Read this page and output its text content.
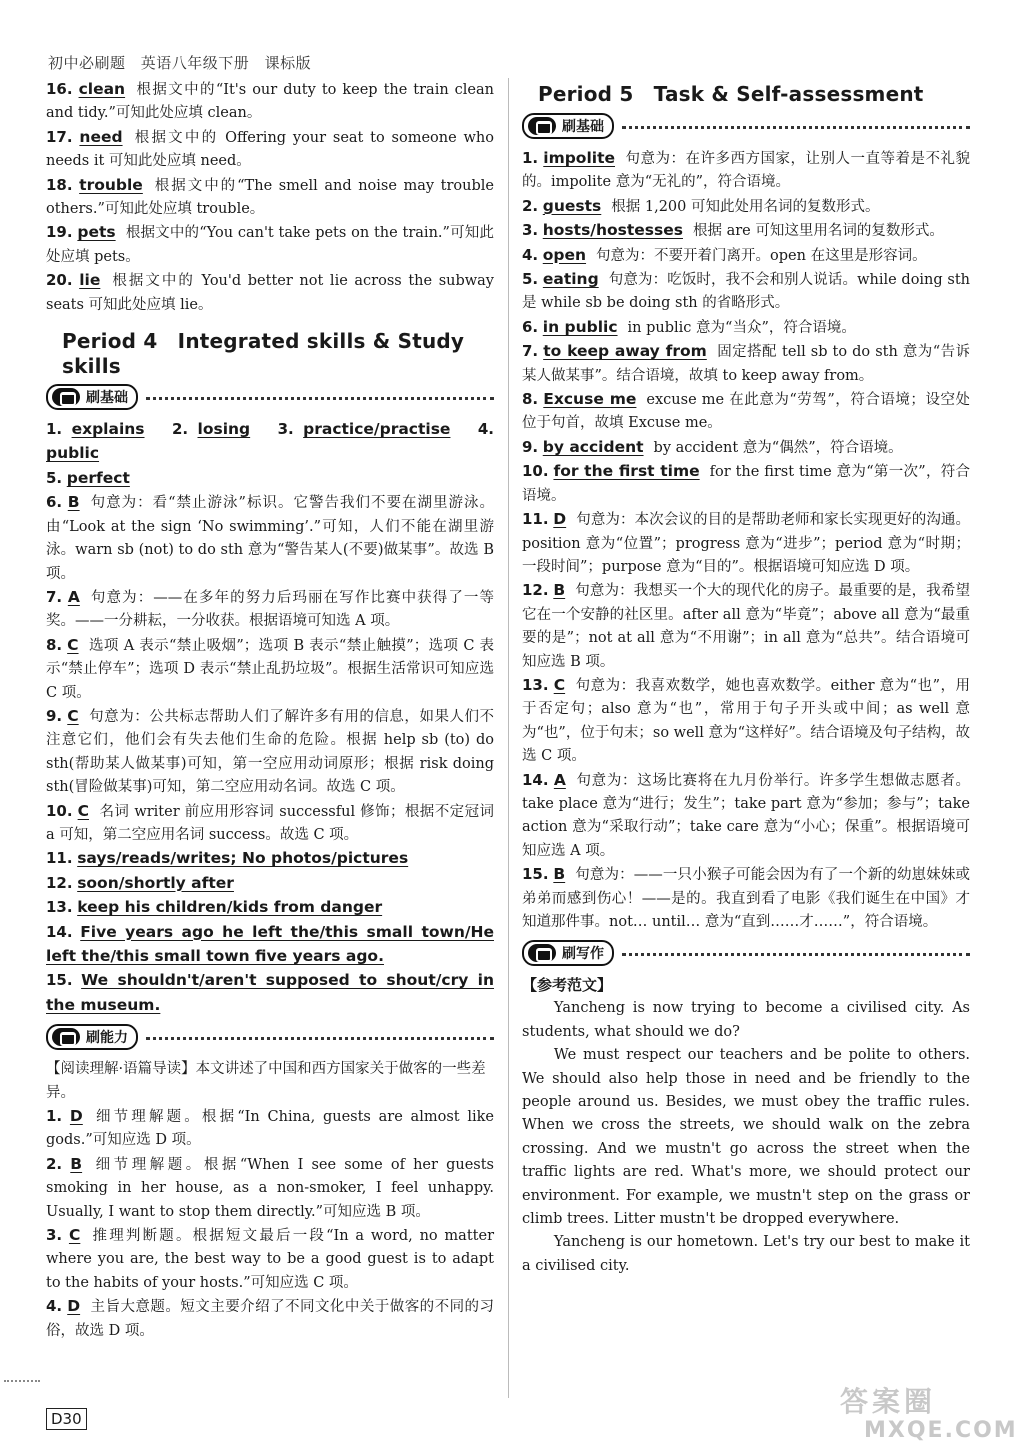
初中必刷题 英语八年级下册 课标版

16. clean 根据文中的“It's our duty to keep the train clean and tidy.”可知此处应填 clean。

17. need 根据文中的 Offering your seat to someone who needs it 可知此处应填 need。

18. trouble 根据文中的“The smell and noise may trouble others.”可知此处应填 trouble。

19. pets 根据文中的“You can't take pets on the train.”可知此处应填 pets。

20. lie 根据文中的 You'd better not lie across the subway seats 可知此处应填 lie。

Period 4　Integrated skills & Study skills
刷基础

1. explains 2. losing 3. practice/practise 4. public

5. perfect

6. B 句意为：看“禁止游泳”标识。它警告我们不要在湖里游泳。由“Look at the sign ‘No swimming’.”可知，人们不能在湖里游泳。warn sb (not) to do sth 意为“警告某人(不要)做某事”。故选 B 项。

7. A 句意为：——在多年的努力后玛丽在写作比赛中获得了一等奖。——一分耕耘，一分收获。根据语境可知选 A 项。

8. C 选项 A 表示“禁止吸烟”；选项 B 表示“禁止触摸”；选项 C 表示“禁止停车”；选项 D 表示“禁止乱扔垃圾”。根据生活常识可知应选 C 项。

9. C 句意为：公共标志帮助人们了解许多有用的信息，如果人们不注意它们，他们会有失去他们生命的危险。根据 help sb (to) do sth(帮助某人做某事)可知，第一空应用动词原形；根据 risk doing sth(冒险做某事)可知，第二空应用动名词。故选 C 项。

10. C 名词 writer 前应用形容词 successful 修饰；根据不定冠词 a 可知，第二空应用名词 success。故选 C 项。

11. says/reads/writes; No photos/pictures

12. soon/shortly after

13. keep his children/kids from danger

14. Five years ago he left the/this small town/He left the/this small town five years ago.

15. We shouldn't/aren't supposed to shout/cry in the museum.

刷能力

【阅读理解·语篇导读】本文讲述了中国和西方国家关于做客的一些差异。

1. D 细节理解题。根据“In China, guests are almost like gods.”可知应选 D 项。

2. B 细节理解题。根据“When I see some of her guests smoking in her house, as a non-smoker, I feel unhappy. Usually, I want to stop them directly.”可知应选 B 项。

3. C 推理判断题。根据短文最后一段“In a word, no matter where you are, the best way to be a good guest is to adapt to the habits of your hosts.”可知应选 C 项。

4. D 主旨大意题。短文主要介绍了不同文化中关于做客的不同的习俗，故选 D 项。

Period 5　Task & Self-assessment
刷基础

1. impolite 句意为：在许多西方国家，让别人一直等着是不礼貌的。impolite 意为“无礼的”，符合语境。

2. guests 根据 1,200 可知此处用名词的复数形式。

3. hosts/hostesses 根据 are 可知这里用名词的复数形式。

4. open 句意为：不要开着门离开。open 在这里是形容词。

5. eating 句意为：吃饭时，我不会和别人说话。while doing sth 是 while sb be doing sth 的省略形式。

6. in public in public 意为“当众”，符合语境。

7. to keep away from 固定搭配 tell sb to do sth 意为“告诉某人做某事”。结合语境，故填 to keep away from。

8. Excuse me excuse me 在此意为“劳驾”，符合语境；设空处位于句首，故填 Excuse me。

9. by accident by accident 意为“偶然”，符合语境。

10. for the first time for the first time 意为“第一次”，符合语境。

11. D 句意为：本次会议的目的是帮助老师和家长实现更好的沟通。position 意为“位置”；progress 意为“进步”；period 意为“时期；一段时间”；purpose 意为“目的”。根据语境可知应选 D 项。

12. B 句意为：我想买一个大的现代化的房子。最重要的是，我希望它在一个安静的社区里。after all 意为“毕竟”；above all 意为“最重要的是”；not at all 意为“不用谢”；in all 意为“总共”。结合语境可知应选 B 项。

13. C 句意为：我喜欢数学，她也喜欢数学。either 意为“也”，用于否定句；also 意为“也”，常用于句子开头或中间；as well 意为“也”，位于句末；so well 意为“这样好”。结合语境及句子结构，故选 C 项。

14. A 句意为：这场比赛将在九月份举行。许多学生想做志愿者。take place 意为“进行；发生”；take part 意为“参加；参与”；take action 意为“采取行动”；take care 意为“小心；保重”。根据语境可知应选 A 项。

15. B 句意为：——一只小猴子可能会因为有了一个新的幼崽妹妹或弟弟而感到伤心！——是的。我直到看了电影《我们诞生在中国》才知道那件事。not… until… 意为“直到……才……”，符合语境。

刷写作
【参考范文】

Yancheng is now trying to become a civilised city. As students, what should we do?

We must respect our teachers and be polite to others. We should also help those in need and be friendly to the people around us. Besides, we must obey the traffic rules. When we cross the streets, we should walk on the zebra crossing. And we mustn't go across the street when the traffic lights are red. What's more, we should protect our environment. For example, we mustn't step on the grass or climb trees. Litter mustn't be dropped everywhere.

Yancheng is our hometown. Let's try our best to make it a civilised city.

D30
答案圈
MXQE.COM
